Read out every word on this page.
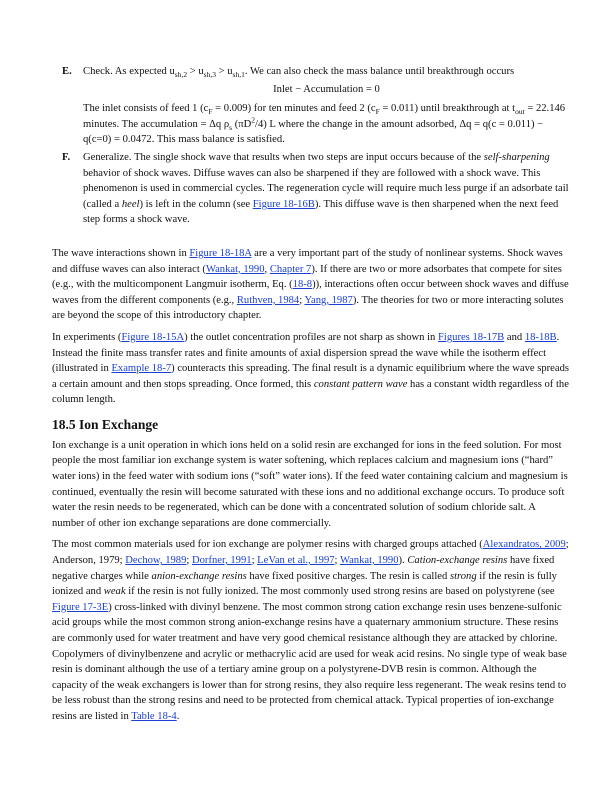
E. Check. As expected $u_{sh,2} > u_{sh,3} > u_{sh,1}$. We can also check the mass balance until breakthrough occurs

Inlet − Accumulation = 0

The inlet consists of feed 1 $(c_F = 0.009)$ for ten minutes and feed 2 $(c_F = 0.011)$ until breakthrough at $t_{out} = 22.146$ minutes. The accumulation = Δq $\rho_s$ $(\pi D^2/4)$ L where the change in the amount adsorbed, Δq = q(c = 0.011) − q(c=0) = 0.0472. This mass balance is satisfied.

F. Generalize. The single shock wave that results when two steps are input occurs because of the self-sharpening behavior of shock waves. Diffuse waves can also be sharpened if they are followed with a shock wave. This phenomenon is used in commercial cycles. The regeneration cycle will require much less purge if an adsorbate tail (called a heel) is left in the column (see Figure 18-16B). This diffuse wave is then sharpened when the next feed step forms a shock wave.

The wave interactions shown in Figure 18-18A are a very important part of the study of nonlinear systems. Shock waves and diffuse waves can also interact (Wankat, 1990, Chapter 7). If there are two or more adsorbates that compete for sites (e.g., with the multicomponent Langmuir isotherm, Eq. (18-8)), interactions often occur between shock waves and diffuse waves from the different components (e.g., Ruthven, 1984; Yang, 1987). The theories for two or more interacting solutes are beyond the scope of this introductory chapter.

In experiments (Figure 18-15A) the outlet concentration profiles are not sharp as shown in Figures 18-17B and 18-18B. Instead the finite mass transfer rates and finite amounts of axial dispersion spread the wave while the isotherm effect (illustrated in Example 18-7) counteracts this spreading. The final result is a dynamic equilibrium where the wave spreads a certain amount and then stops spreading. Once formed, this constant pattern wave has a constant width regardless of the column length.

18.5 Ion Exchange

Ion exchange is a unit operation in which ions held on a solid resin are exchanged for ions in the feed solution. For most people the most familiar ion exchange system is water softening, which replaces calcium and magnesium ions (“hard” water ions) in the feed water with sodium ions (“soft” water ions). If the feed water containing calcium and magnesium is continued, eventually the resin will become saturated with these ions and no additional exchange occurs. To produce soft water the resin needs to be regenerated, which can be done with a concentrated solution of sodium chloride salt. A number of other ion exchange separations are done commercially.

The most common materials used for ion exchange are polymer resins with charged groups attached (Alexandratos, 2009; Anderson, 1979; Dechow, 1989; Dorfner, 1991; LeVan et al., 1997; Wankat, 1990). Cation-exchange resins have fixed negative charges while anion-exchange resins have fixed positive charges. The resin is called strong if the resin is fully ionized and weak if the resin is not fully ionized. The most commonly used strong resins are based on polystyrene (see Figure 17-3E) cross-linked with divinyl benzene. The most common strong cation exchange resin uses benzene-sulfonic acid groups while the most common strong anion-exchange resins have a quaternary ammonium structure. These resins are commonly used for water treatment and have very good chemical resistance although they are attacked by chlorine. Copolymers of divinylbenzene and acrylic or methacrylic acid are used for weak acid resins. No single type of weak base resin is dominant although the use of a tertiary amine group on a polystyrene-DVB resin is common. Although the capacity of the weak exchangers is lower than for strong resins, they also require less regenerant. The weak resins tend to be less robust than the strong resins and need to be protected from chemical attack. Typical properties of ion-exchange resins are listed in Table 18-4.
